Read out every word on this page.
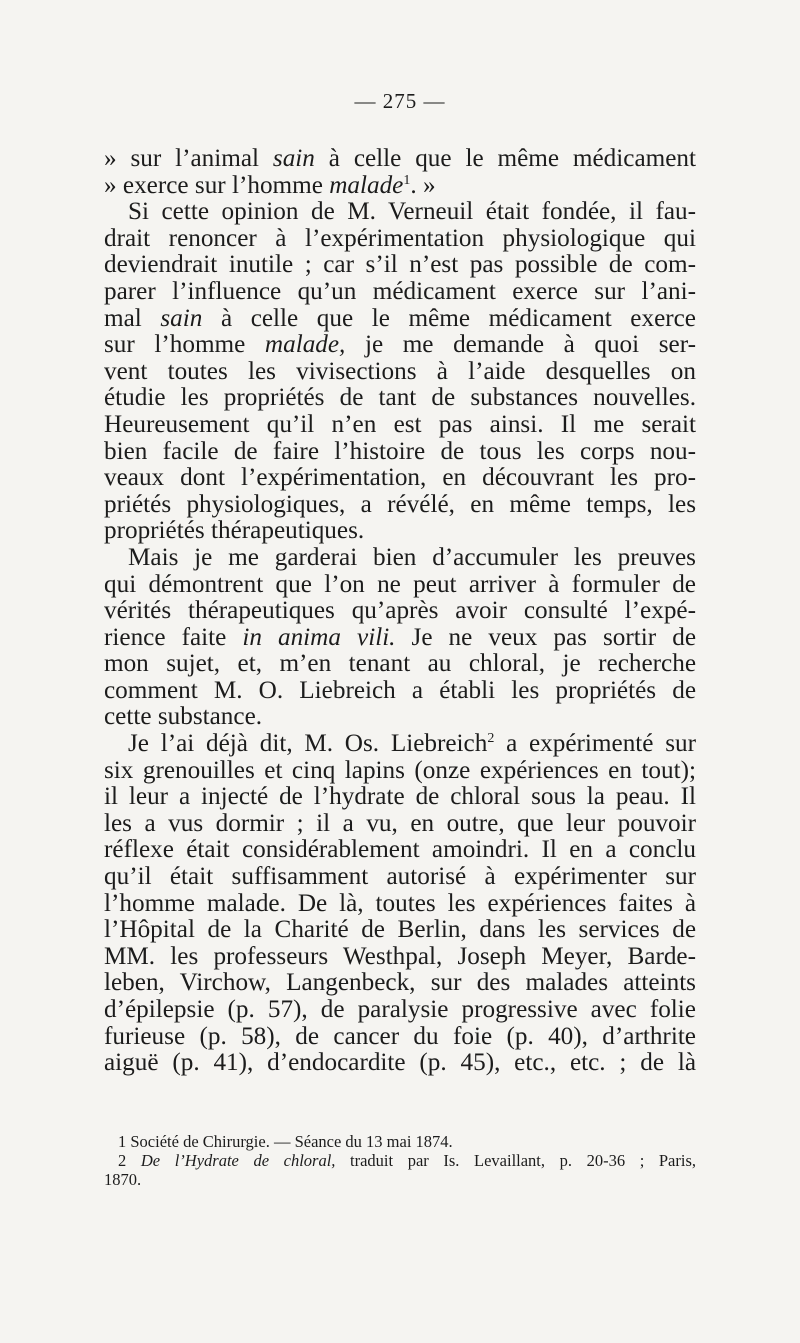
— 275 —
» sur l’animal sain à celle que le même médicament
» exerce sur l’homme malade$^1$. »
Si cette opinion de M. Verneuil était fondée, il fau-
drait renoncer à l’expérimentation physiologique qui
deviendrait inutile ; car s’il n’est pas possible de com-
parer l’influence qu’un médicament exerce sur l’ani-
mal sain à celle que le même médicament exerce
sur l’homme malade, je me demande à quoi ser-
vent toutes les vivisections à l’aide desquelles on
étudie les propriétés de tant de substances nouvelles.
Heureusement qu’il n’en est pas ainsi. Il me serait
bien facile de faire l’histoire de tous les corps nou-
veaux dont l’expérimentation, en découvrant les pro-
priétés physiologiques, a révélé, en même temps, les
propriétés thérapeutiques.
Mais je me garderai bien d’accumuler les preuves
qui démontrent que l’on ne peut arriver à formuler de
vérités thérapeutiques qu’après avoir consulté l’expé-
rience faite in anima vili. Je ne veux pas sortir de
mon sujet, et, m’en tenant au chloral, je recherche
comment M. O. Liebreich a établi les propriétés de
cette substance.
Je l’ai déjà dit, M. Os. Liebreich$^2$ a expérimenté sur
six grenouilles et cinq lapins (onze expériences en tout);
il leur a injecté de l’hydrate de chloral sous la peau. Il
les a vus dormir ; il a vu, en outre, que leur pouvoir
réflexe était considérablement amoindri. Il en a conclu
qu’il était suffisamment autorisé à expérimenter sur
l’homme malade. De là, toutes les expériences faites à
l’Hôpital de la Charité de Berlin, dans les services de
MM. les professeurs Westhpal, Joseph Meyer, Barde-
leben, Virchow, Langenbeck, sur des malades atteints
d’épilepsie (p. 57), de paralysie progressive avec folie
furieuse (p. 58), de cancer du foie (p. 40), d’arthrite
aiguë (p. 41), d’endocardite (p. 45), etc., etc. ; de là
1 Société de Chirurgie. — Séance du 13 mai 1874.
2 De l’Hydrate de chloral, traduit par Is. Levaillant, p. 20-36 ; Paris,
1870.
